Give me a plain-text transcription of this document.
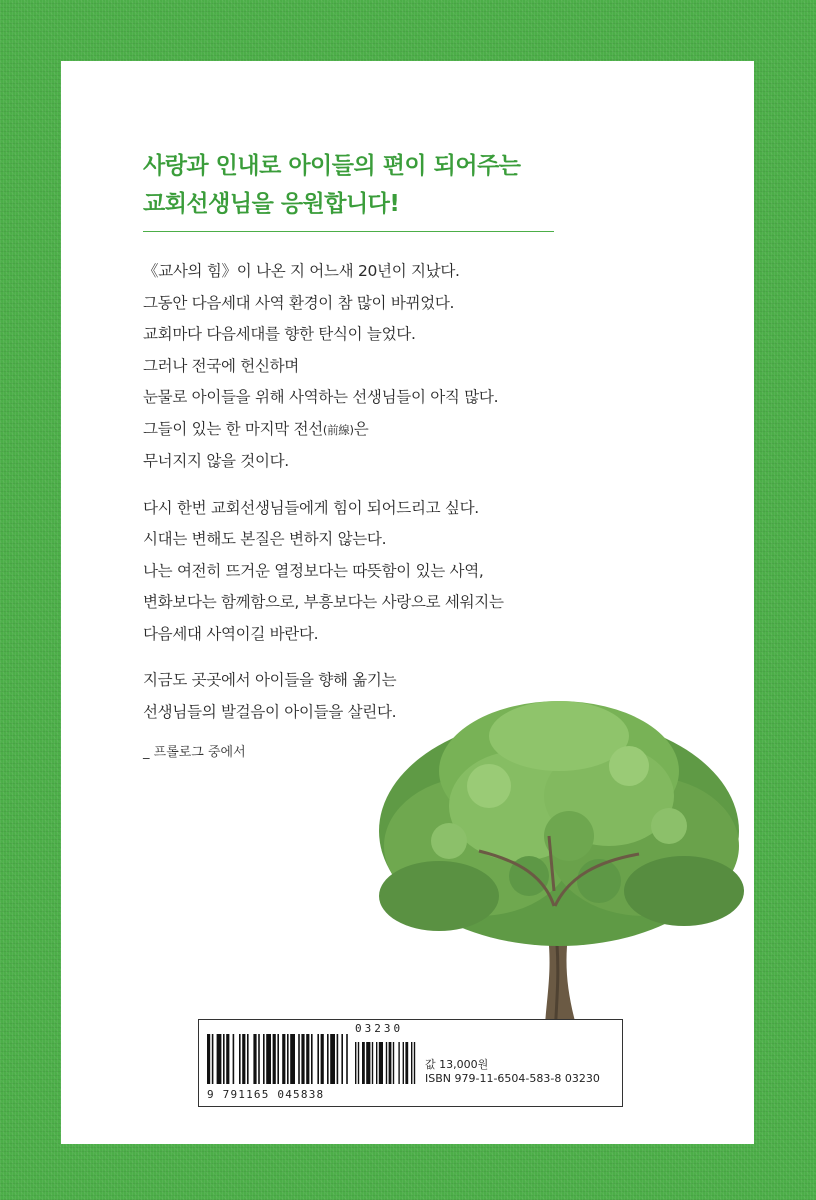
사랑과 인내로 아이들의 편이 되어주는
교회선생님을 응원합니다!
《교사의 힘》이 나온 지 어느새 20년이 지났다.
그동안 다음세대 사역 환경이 참 많이 바뀌었다.
교회마다 다음세대를 향한 탄식이 늘었다.
그러나 전국에 헌신하며
눈물로 아이들을 위해 사역하는 선생님들이 아직 많다.
그들이 있는 한 마지막 전선(前線)은
무너지지 않을 것이다.
다시 한번 교회선생님들에게 힘이 되어드리고 싶다.
시대는 변해도 본질은 변하지 않는다.
나는 여전히 뜨거운 열정보다는 따뜻함이 있는 사역,
변화보다는 함께함으로, 부흥보다는 사랑으로 세워지는
다음세대 사역이길 바란다.
지금도 곳곳에서 아이들을 향해 옮기는
선생님들의 발걸음이 아이들을 살린다.
_ 프롤로그 중에서
03230
9 791165 045838
값 13,000원
ISBN 979-11-6504-583-8 03230
